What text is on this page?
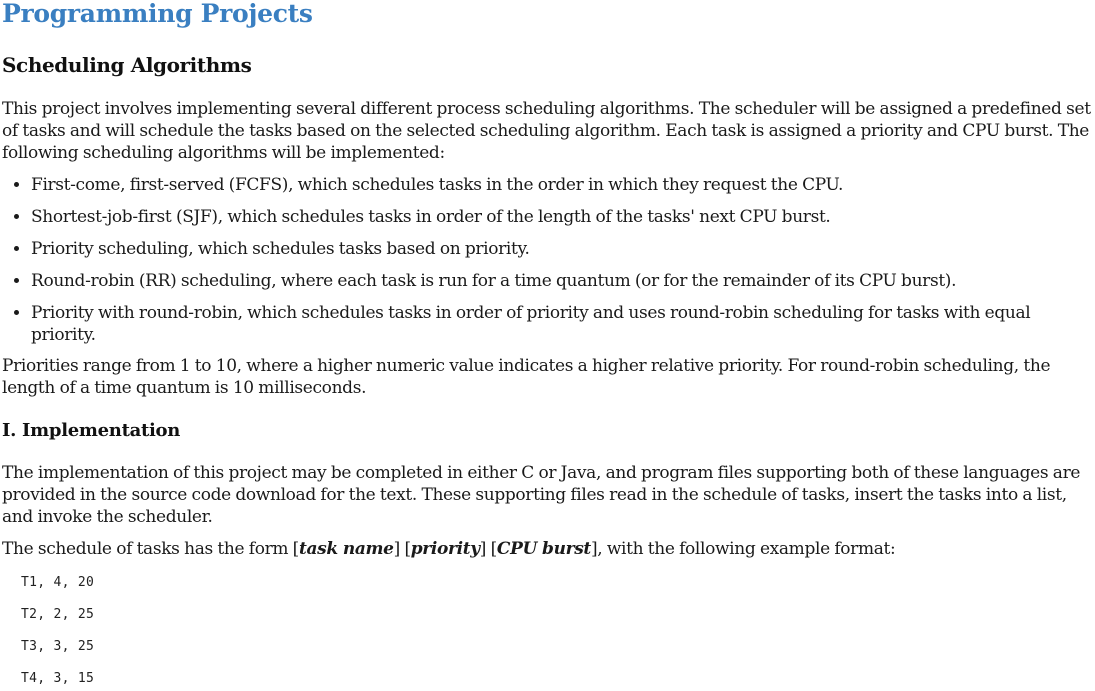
Programming Projects
Scheduling Algorithms

This project involves implementing several different process scheduling algorithms. The scheduler will be assigned a predefined set of tasks and will schedule the tasks based on the selected scheduling algorithm. Each task is assigned a priority and CPU burst. The following scheduling algorithms will be implemented:

• First-come, first-served (FCFS), which schedules tasks in the order in which they request the CPU.
• Shortest-job-first (SJF), which schedules tasks in order of the length of the tasks' next CPU burst.
• Priority scheduling, which schedules tasks based on priority.
• Round-robin (RR) scheduling, where each task is run for a time quantum (or for the remainder of its CPU burst).
• Priority with round-robin, which schedules tasks in order of priority and uses round-robin scheduling for tasks with equal priority.

Priorities range from 1 to 10, where a higher numeric value indicates a higher relative priority. For round-robin scheduling, the length of a time quantum is 10 milliseconds.

I. Implementation

The implementation of this project may be completed in either C or Java, and program files supporting both of these languages are provided in the source code download for the text. These supporting files read in the schedule of tasks, insert the tasks into a list, and invoke the scheduler.

The schedule of tasks has the form [task name] [priority] [CPU burst], with the following example format:

T1, 4, 20
T2, 2, 25
T3, 3, 25
T4, 3, 15
